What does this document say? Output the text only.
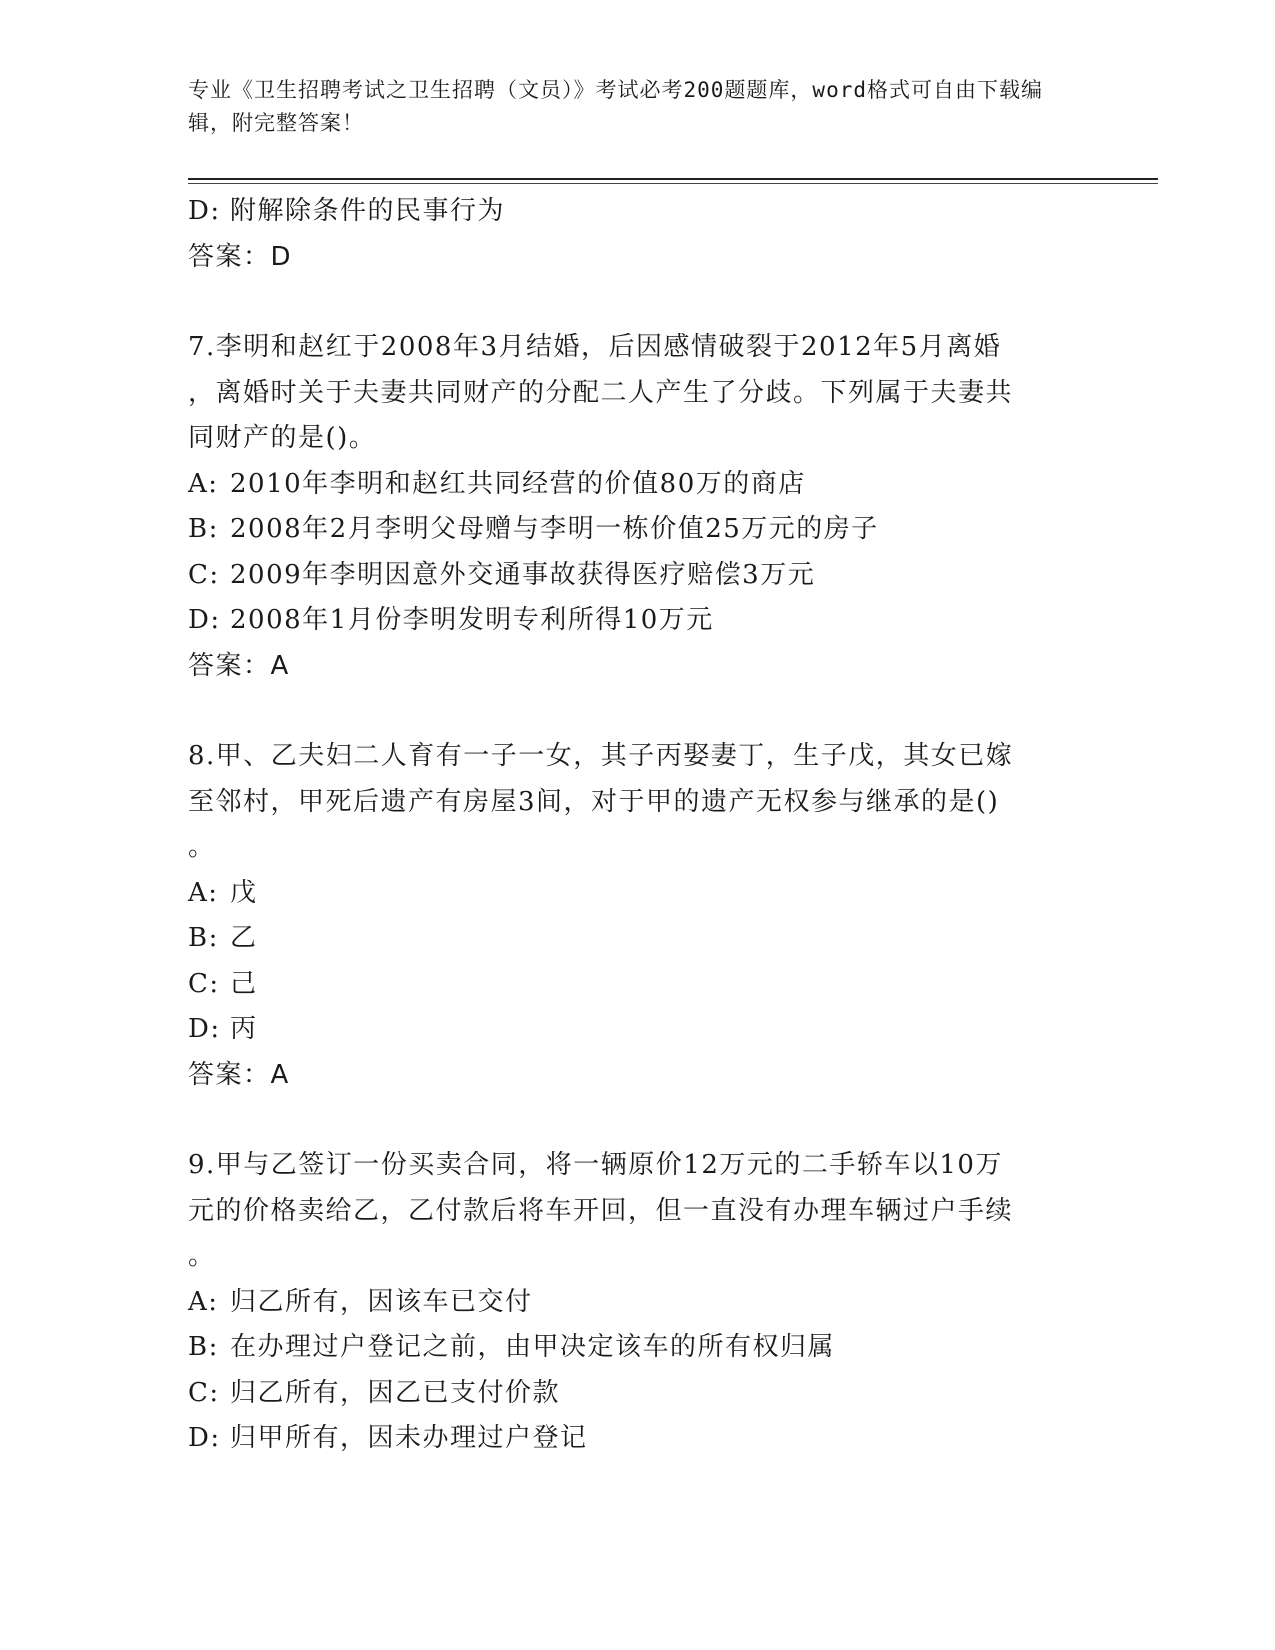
专业《卫生招聘考试之卫生招聘（文员）》考试必考200题题库，word格式可自由下载编辑，附完整答案！
D: 附解除条件的民事行为
答案：D
7.李明和赵红于2008年3月结婚，后因感情破裂于2012年5月离婚
，离婚时关于夫妻共同财产的分配二人产生了分歧。下列属于夫妻共
同财产的是()。
A: 2010年李明和赵红共同经营的价值80万的商店
B: 2008年2月李明父母赠与李明一栋价值25万元的房子
C: 2009年李明因意外交通事故获得医疗赔偿3万元
D: 2008年1月份李明发明专利所得10万元
答案：A
8.甲、乙夫妇二人育有一子一女，其子丙娶妻丁，生子戊，其女已嫁
至邻村，甲死后遗产有房屋3间，对于甲的遗产无权参与继承的是()
。
A: 戊
B: 乙
C: 己
D: 丙
答案：A
9.甲与乙签订一份买卖合同，将一辆原价12万元的二手轿车以10万
元的价格卖给乙，乙付款后将车开回，但一直没有办理车辆过户手续
。
A: 归乙所有，因该车已交付
B: 在办理过户登记之前，由甲决定该车的所有权归属
C: 归乙所有，因乙已支付价款
D: 归甲所有，因未办理过户登记
